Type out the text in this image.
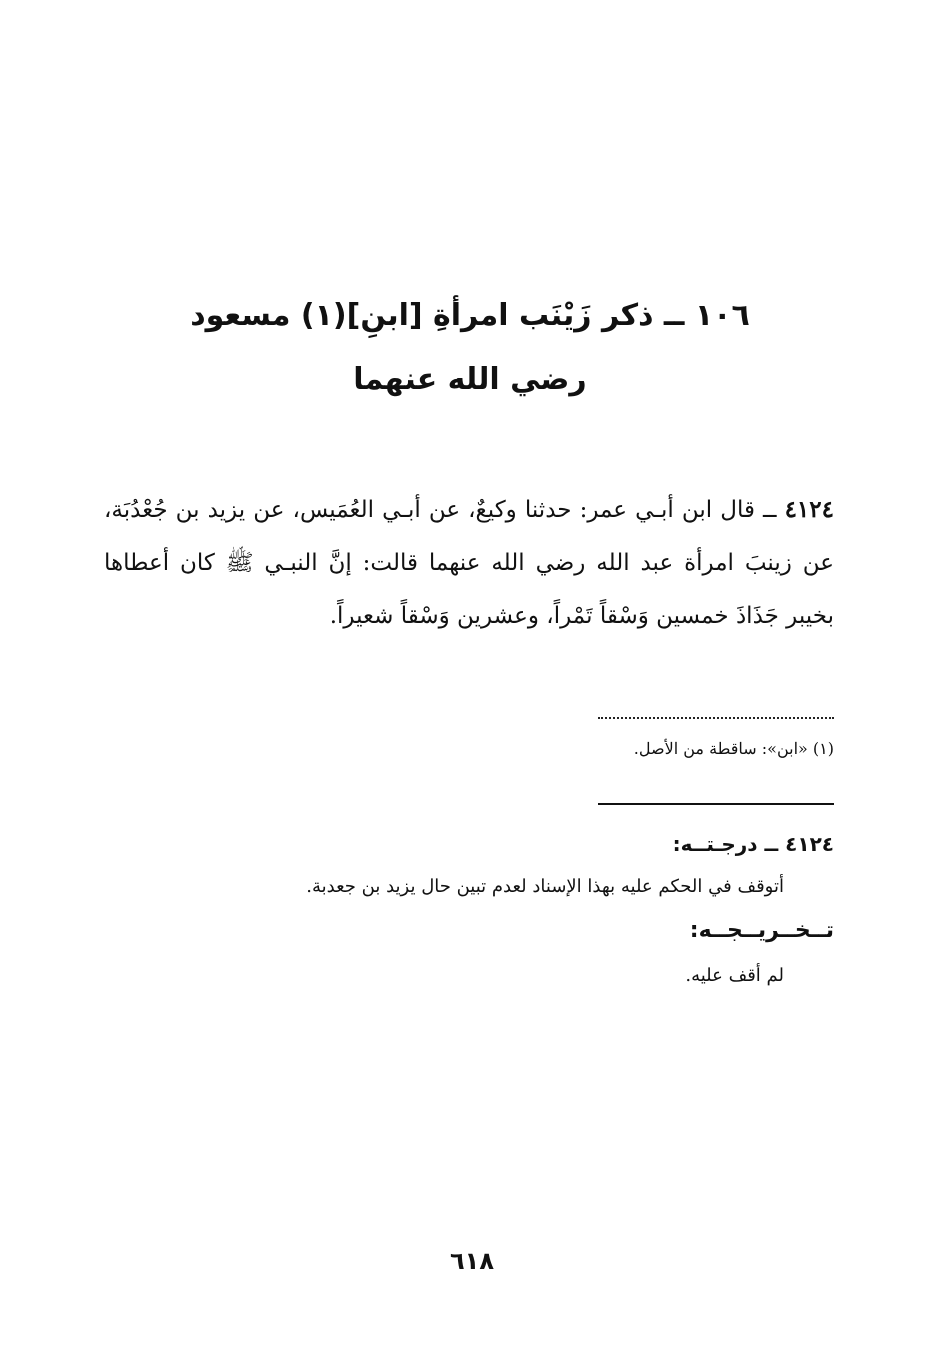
١٠٦ ــ ذكر زَيْنَب امرأةِ [ابنِ](١) مسعود
رضي الله عنهما
٤١٢٤ ــ قال ابن أبـي عمر: حدثنا وكيعٌ، عن أبـي العُمَيس، عن يزيد بن جُعْدُبَة، عن زينبَ امرأة عبد الله رضي الله عنهما قالت: إنَّ النبـي ﷺ كان أعطاها بخيبر جَذَاذَ خمسين وَسْقاً تَمْراً، وعشرين وَسْقاً شعيراً.
(١) «ابن»: ساقطة من الأصل.
٤١٢٤ ــ درجـتــه:
أتوقف في الحكم عليه بهذا الإسناد لعدم تبين حال يزيد بن جعدبة.
تــخــريــجــه:
لم أقف عليه.
٦١٨
